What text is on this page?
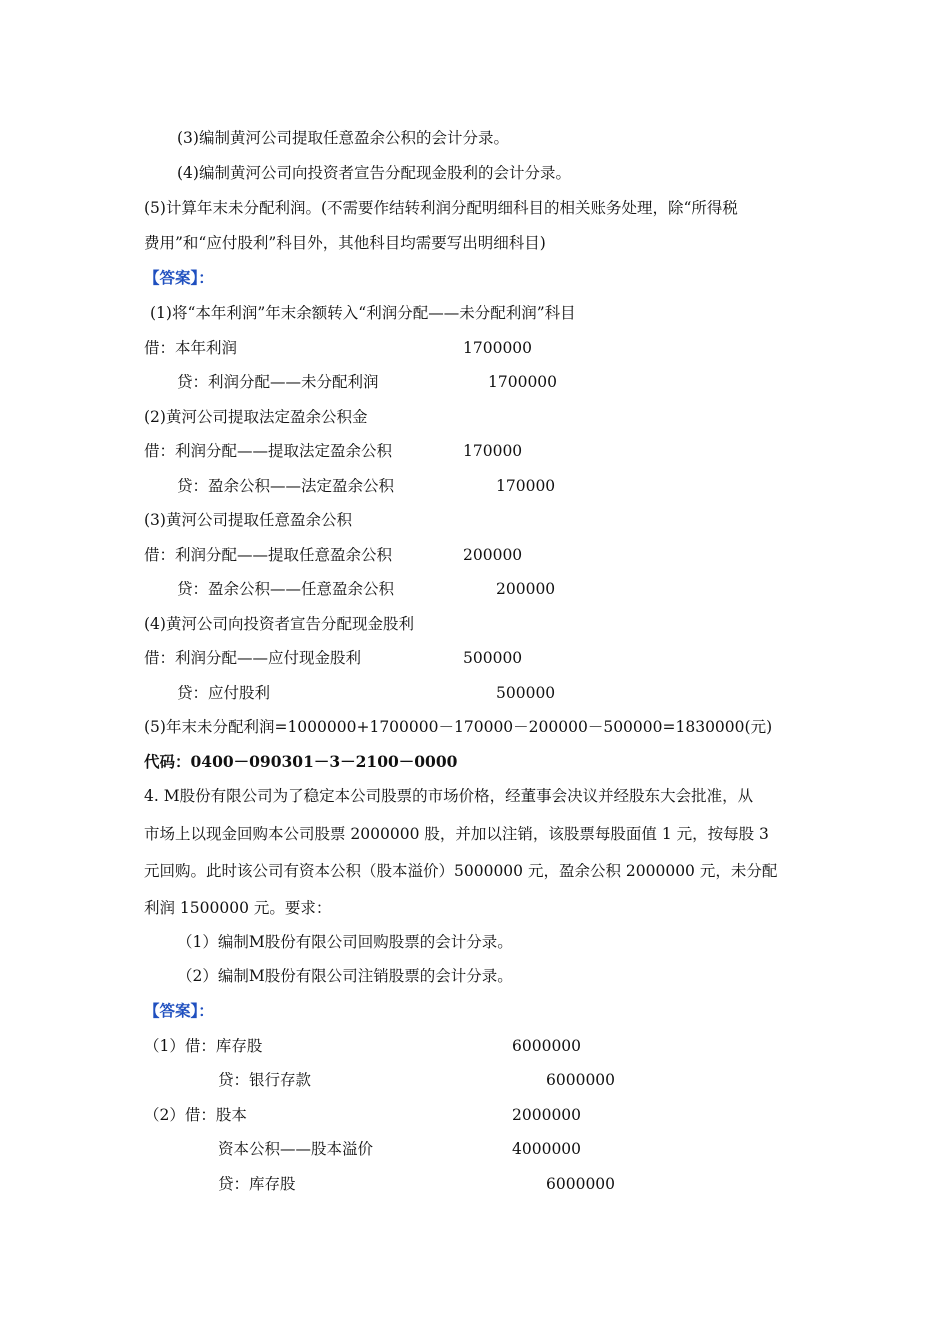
(3)编制黄河公司提取任意盈余公积的会计分录。
(4)编制黄河公司向投资者宣告分配现金股利的会计分录。
(5)计算年末未分配利润。(不需要作结转利润分配明细科目的相关账务处理，除“所得税
费用”和“应付股利”科目外，其他科目均需要写出明细科目)
【答案】：
(1)将“本年利润”年末余额转入“利润分配——未分配利润”科目
借：本年利润	1700000
贷：利润分配——未分配利润	1700000
(2)黄河公司提取法定盈余公积金
借：利润分配——提取法定盈余公积	170000
贷：盈余公积——法定盈余公积	170000
(3)黄河公司提取任意盈余公积
借：利润分配——提取任意盈余公积	200000
贷：盈余公积——任意盈余公积	200000
(4)黄河公司向投资者宣告分配现金股利
借：利润分配——应付现金股利	500000
贷：应付股利	500000
(5)年末未分配利润=1000000+1700000－170000－200000－500000=1830000(元)
代码：0400－090301－3－2100－0000
4. M股份有限公司为了稳定本公司股票的市场价格，经董事会决议并经股东大会批准，从
市场上以现金回购本公司股票 2000000 股，并加以注销，该股票每股面值 1 元，按每股 3
元回购。此时该公司有资本公积（股本溢价）5000000 元，盈余公积 2000000 元，未分配
利润 1500000 元。要求：
（1）编制M股份有限公司回购股票的会计分录。
（2）编制M股份有限公司注销股票的会计分录。
【答案】：
（1）借：库存股	6000000
贷：银行存款	6000000
（2）借：股本	2000000
资本公积——股本溢价	4000000
贷：库存股	6000000
